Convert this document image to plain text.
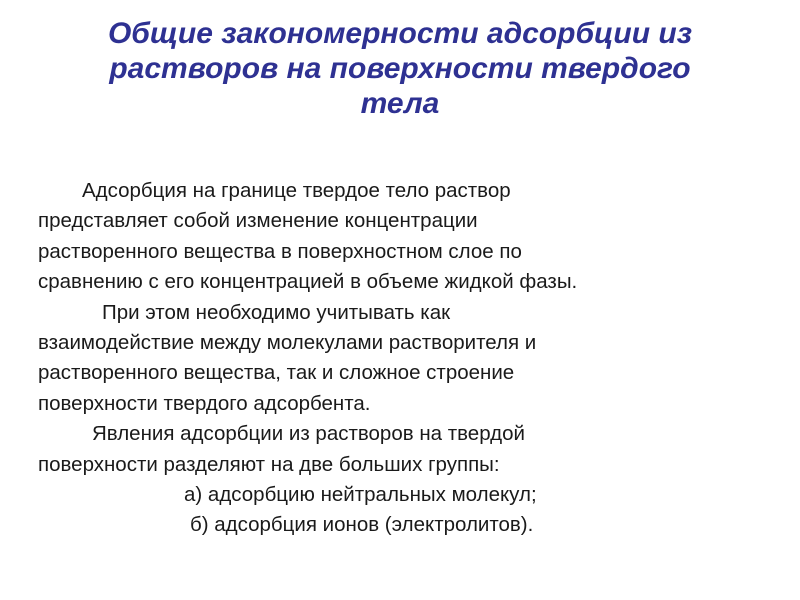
Общие закономерности адсорбции из
растворов на поверхности твердого
тела
Адсорбция на границе твердое тело раствор
представляет собой изменение концентрации
растворенного вещества в поверхностном слое по
сравнению с его концентрацией в объеме жидкой фазы.
При этом необходимо учитывать как
взаимодействие между молекулами растворителя и
растворенного вещества, так и сложное строение
поверхности твердого адсорбента.
Явления адсорбции из растворов на твердой
поверхности разделяют на две больших группы:
а) адсорбцию нейтральных молекул;
б) адсорбция ионов (электролитов).
